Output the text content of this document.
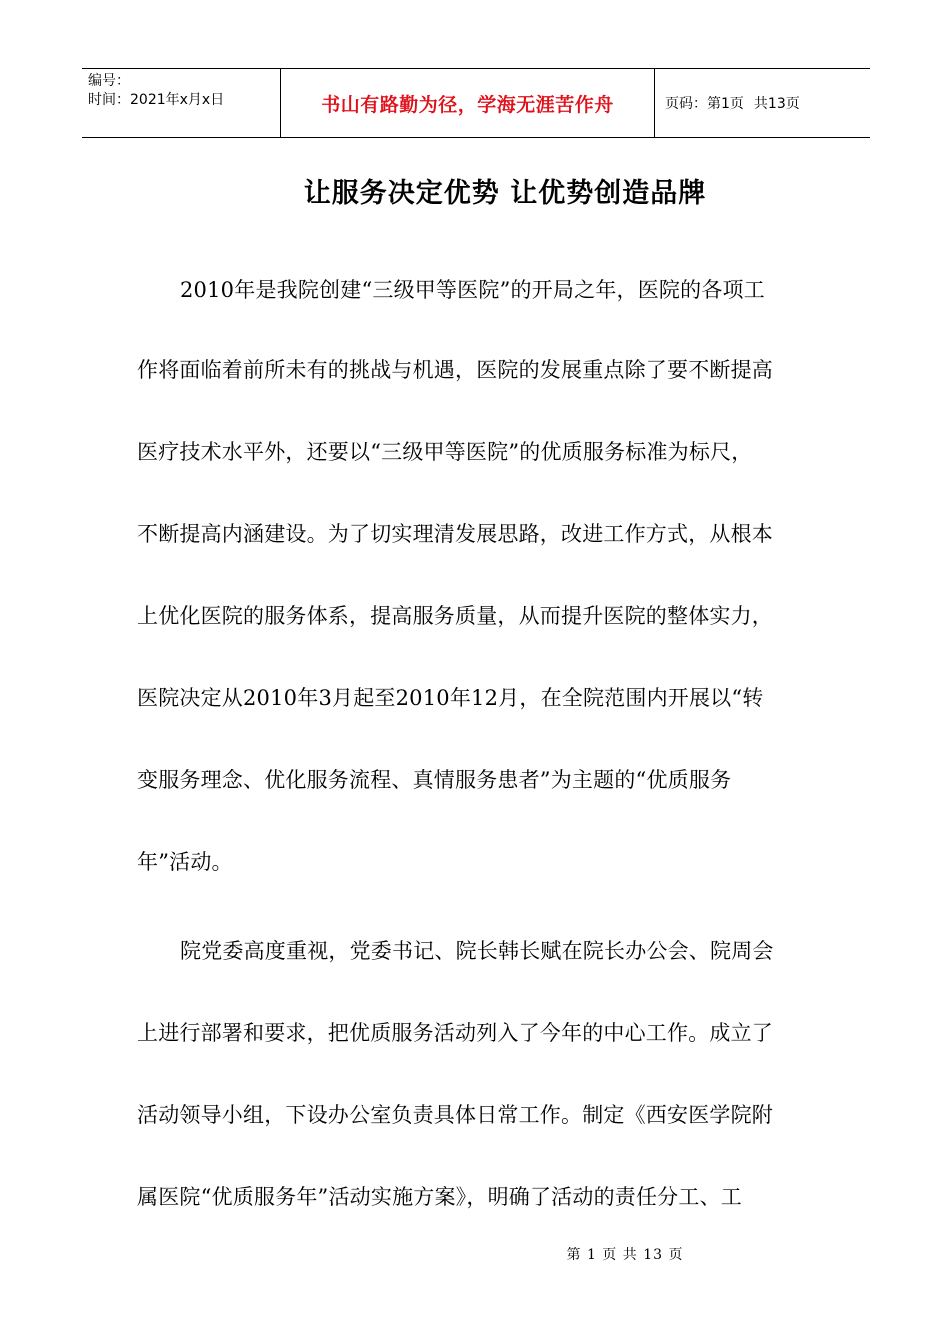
编号：
时间：2021年x月x日	书山有路勤为径，学海无涯苦作舟	页码： 第1页 共13页
让服务决定优势 让优势创造品牌
2010年是我院创建“三级甲等医院”的开局之年，医院的各项工
作将面临着前所未有的挑战与机遇，医院的发展重点除了要不断提高
医疗技术水平外，还要以“三级甲等医院”的优质服务标准为标尺，
不断提高内涵建设。为了切实理清发展思路，改进工作方式，从根本
上优化医院的服务体系，提高服务质量，从而提升医院的整体实力，
医院决定从2010年3月起至2010年12月，在全院范围内开展以“转
变服务理念、优化服务流程、真情服务患者”为主题的“优质服务
年”活动。
院党委高度重视，党委书记、院长韩长赋在院长办公会、院周会
上进行部署和要求，把优质服务活动列入了今年的中心工作。成立了
活动领导小组，下设办公室负责具体日常工作。制定《西安医学院附
属医院“优质服务年”活动实施方案》，明确了活动的责任分工、工
第 1 页 共 13 页
